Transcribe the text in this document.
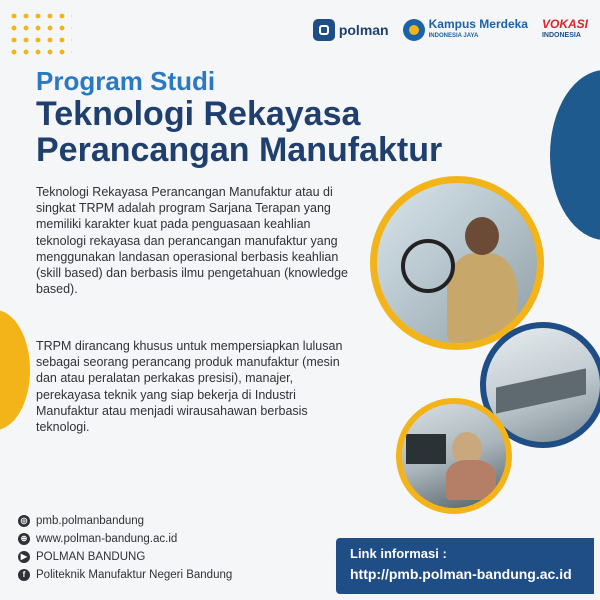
polman	Kampus Merdeka
INDONESIA JAYA
VOKASI
INDONESIA
Program Studi
Teknologi Rekayasa
Perancangan Manufaktur
Teknologi Rekayasa Perancangan Manufaktur atau di singkat TRPM adalah program Sarjana Terapan yang memiliki karakter kuat pada penguasaan keahlian teknologi rekayasa dan perancangan manufaktur yang menggunakan landasan operasional berbasis keahlian (skill based) dan berbasis ilmu pengetahuan (knowledge based).
TRPM dirancang khusus untuk mempersiapkan lulusan sebagai seorang perancang produk manufaktur (mesin dan atau peralatan perkakas presisi), manajer, perekayasa teknik yang siap bekerja di Industri Manufaktur atau menjadi wirausahawan berbasis teknologi.
◎ pmb.polmanbandung
⊕ www.polman-bandung.ac.id
▶ POLMAN BANDUNG
f Politeknik Manufaktur Negeri Bandung
Link informasi :
http://pmb.polman-bandung.ac.id
